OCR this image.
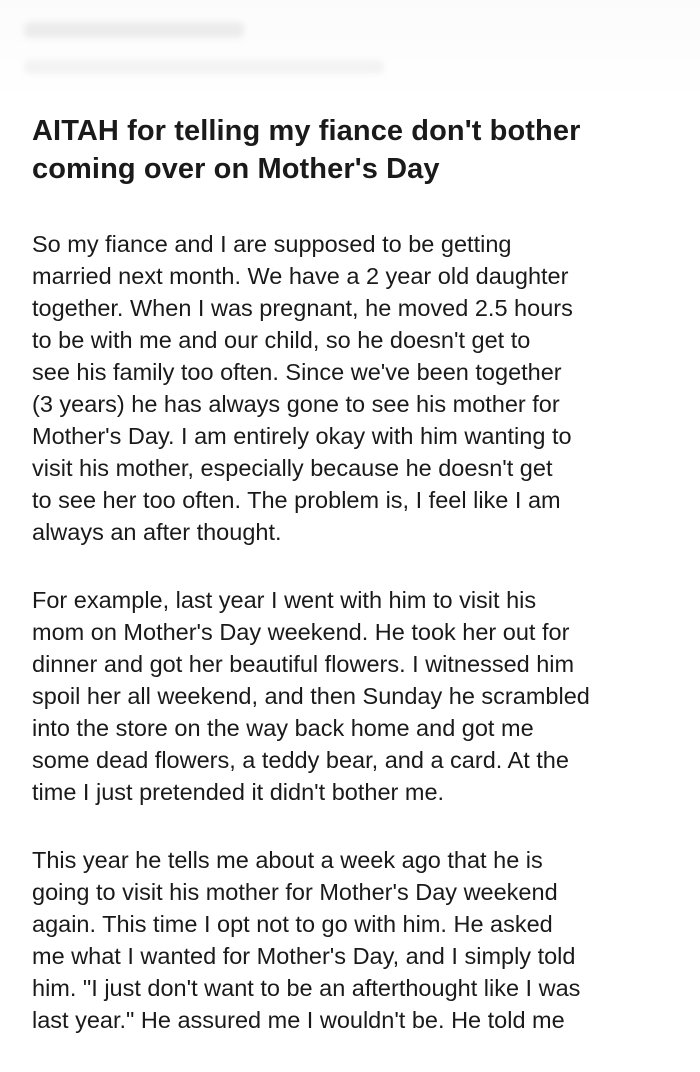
AITAH for telling my fiance don't bother
coming over on Mother's Day

So my fiance and I are supposed to be getting
married next month. We have a 2 year old daughter
together. When I was pregnant, he moved 2.5 hours
to be with me and our child, so he doesn't get to
see his family too often. Since we've been together
(3 years) he has always gone to see his mother for
Mother's Day. I am entirely okay with him wanting to
visit his mother, especially because he doesn't get
to see her too often. The problem is, I feel like I am
always an after thought.

For example, last year I went with him to visit his
mom on Mother's Day weekend. He took her out for
dinner and got her beautiful flowers. I witnessed him
spoil her all weekend, and then Sunday he scrambled
into the store on the way back home and got me
some dead flowers, a teddy bear, and a card. At the
time I just pretended it didn't bother me.

This year he tells me about a week ago that he is
going to visit his mother for Mother's Day weekend
again. This time I opt not to go with him. He asked
me what I wanted for Mother's Day, and I simply told
him. "I just don't want to be an afterthought like I was
last year." He assured me I wouldn't be. He told me
